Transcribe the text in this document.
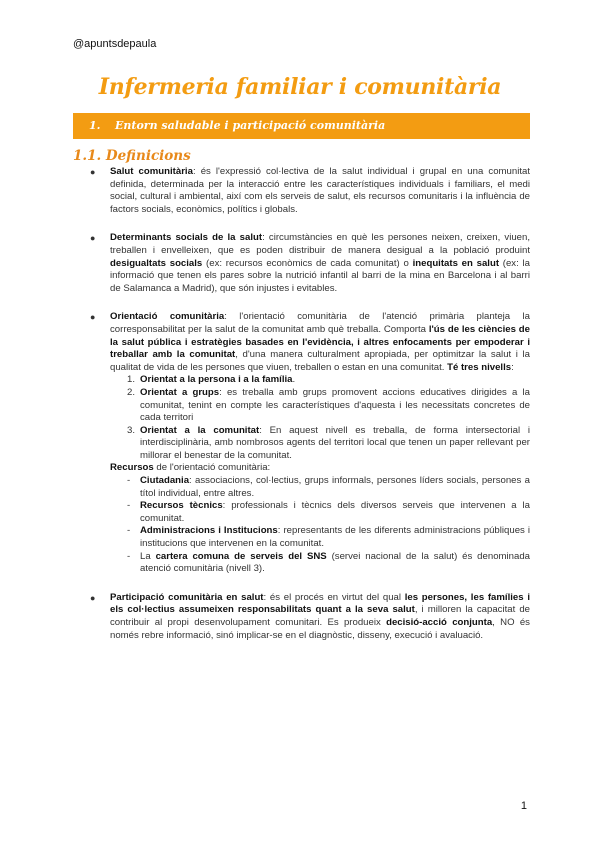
@apuntsdepaula
Infermeria familiar i comunitària
1. Entorn saludable i participació comunitària
1.1. Definicions
● Salut comunitària: és l'expressió col·lectiva de la salut individual i grupal en una comunitat definida, determinada per la interacció entre les característiques individuals i familiars, el medi social, cultural i ambiental, així com els serveis de salut, els recursos comunitaris i la influència de factors socials, econòmics, polítics i globals.
● Determinants socials de la salut: circumstàncies en què les persones neixen, creixen, viuen, treballen i envelleixen, que es poden distribuir de manera desigual a la població produint desigualtats socials (ex: recursos econòmics de cada comunitat) o inequitats en salut (ex: la informació que tenen els pares sobre la nutrició infantil al barri de la mina en Barcelona i al barri de Salamanca a Madrid), que són injustes i evitables.
● Orientació comunitària: l'orientació comunitària de l'atenció primària planteja la corresponsabilitat per la salut de la comunitat amb què treballa. Comporta l'ús de les ciències de la salut pública i estratègies basades en l'evidència, i altres enfocaments per empoderar i treballar amb la comunitat, d'una manera culturalment apropiada, per optimitzar la salut i la qualitat de vida de les persones que viuen, treballen o estan en una comunitat. Té tres nivells:
1. Orientat a la persona i a la família.
2. Orientat a grups: es treballa amb grups promovent accions educatives dirigides a la comunitat, tenint en compte les característiques d'aquesta i les necessitats concretes de cada territori
3. Orientat a la comunitat: En aquest nivell es treballa, de forma intersectorial i interdisciplinària, amb nombrosos agents del territori local que tenen un paper rellevant per millorar el benestar de la comunitat.
Recursos de l'orientació comunitària:
- Ciutadania: associacions, col·lectius, grups informals, persones líders socials, persones a títol individual, entre altres.
- Recursos tècnics: professionals i tècnics dels diversos serveis que intervenen a la comunitat.
- Administracions i Institucions: representants de les diferents administracions públiques i institucions que intervenen en la comunitat.
- La cartera comuna de serveis del SNS (servei nacional de la salut) és denominada atenció comunitària (nivell 3).
● Participació comunitària en salut: és el procés en virtut del qual les persones, les famílies i els col·lectius assumeixen responsabilitats quant a la seva salut, i milloren la capacitat de contribuir al propi desenvolupament comunitari. Es produeix decisió-acció conjunta, NO és només rebre informació, sinó implicar-se en el diagnòstic, disseny, execució i avaluació.
1
